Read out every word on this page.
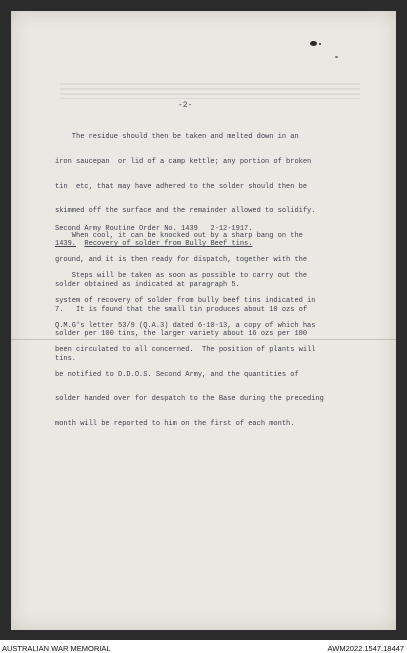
-2-

The residue should then be taken and melted down in an

iron saucepan  or lid of a camp kettle; any portion of broken

tin  etc, that may have adhered to the solder should then be

skimmed off the surface and the remainder allowed to solidify.

When cool, it can be knocked out by a sharp bang on the

ground, and it is then ready for dispatch, together with the

solder obtained as indicated at paragraph 5.

7.   It is found that the small tin produces about 10 ozs of

solder per 100 tins, the larger variety about 16 ozs per 100

tins.

Second Army Routine Order No. 1439   2-12-1917.
1439. Recovery of solder from Bully Beef tins.

Steps will be taken as soon as possible to carry out the

system of recovery of solder from bully beef tins indicated in

Q.M.G's letter 53/9 (Q.A.3) dated 6-10-13, a copy of which has

been circulated to all concerned.  The position of plants will

be notified to D.D.O.S. Second Army, and the quantities of

solder handed over for despatch to the Base during the preceding

month will be reported to him on the first of each month.

AUSTRALIAN WAR MEMORIAL	AWM2022.1547.18447
